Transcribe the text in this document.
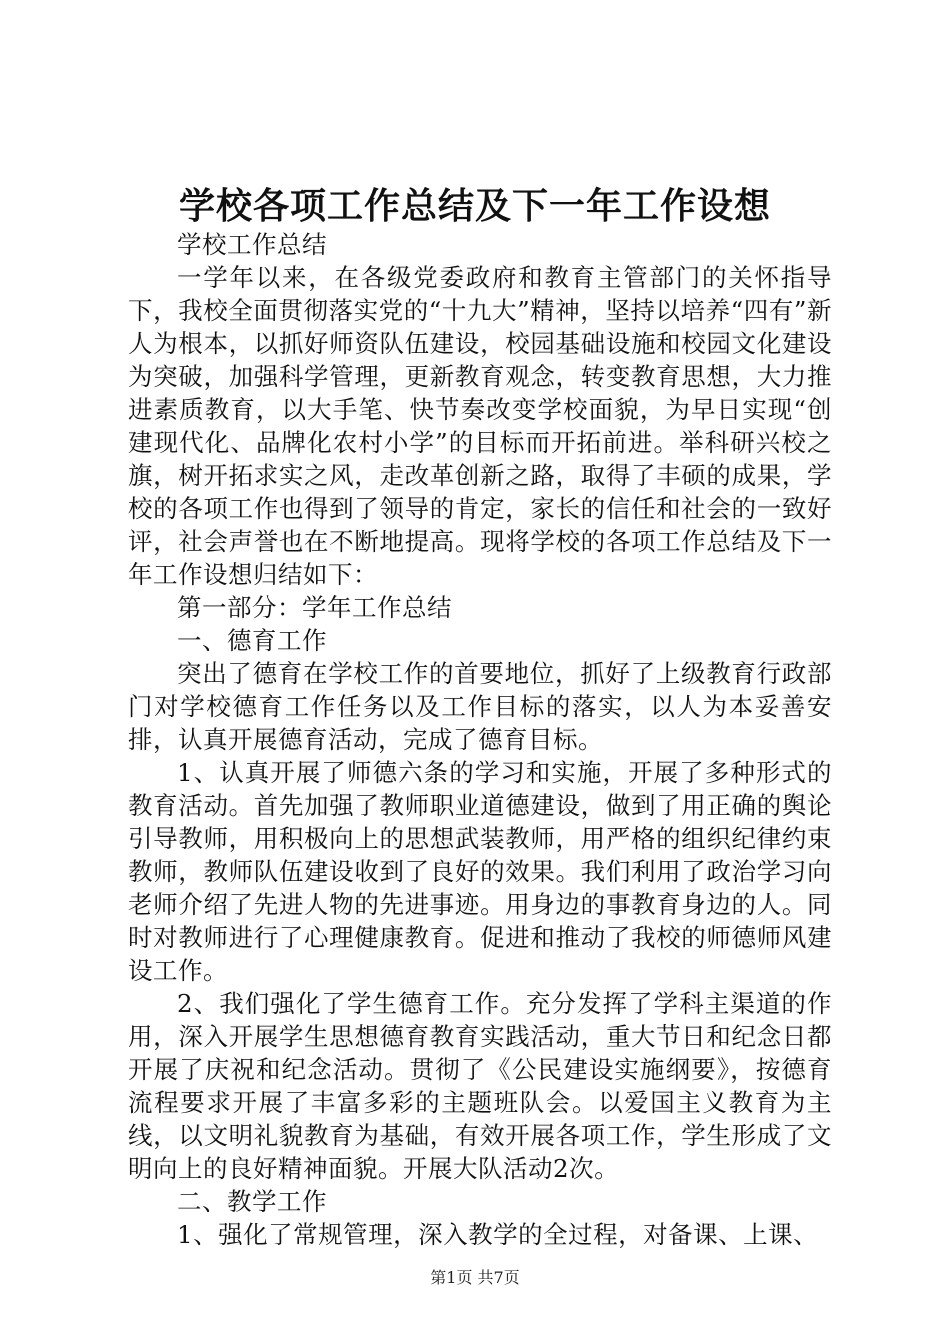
学校各项工作总结及下一年工作设想

学校工作总结

一学年以来，在各级党委政府和教育主管部门的关怀指导下，我校全面贯彻落实党的“十九大”精神，坚持以培养“四有”新人为根本，以抓好师资队伍建设，校园基础设施和校园文化建设为突破，加强科学管理，更新教育观念，转变教育思想，大力推进素质教育，以大手笔、快节奏改变学校面貌，为早日实现“创建现代化、品牌化农村小学”的目标而开拓前进。举科研兴校之旗，树开拓求实之风，走改革创新之路，取得了丰硕的成果，学校的各项工作也得到了领导的肯定，家长的信任和社会的一致好评，社会声誉也在不断地提高。现将学校的各项工作总结及下一年工作设想归结如下：

第一部分：学年工作总结

一、德育工作

突出了德育在学校工作的首要地位，抓好了上级教育行政部门对学校德育工作任务以及工作目标的落实，以人为本妥善安排，认真开展德育活动，完成了德育目标。

1、认真开展了师德六条的学习和实施，开展了多种形式的教育活动。首先加强了教师职业道德建设，做到了用正确的舆论引导教师，用积极向上的思想武装教师，用严格的组织纪律约束教师，教师队伍建设收到了良好的效果。我们利用了政治学习向老师介绍了先进人物的先进事迹。用身边的事教育身边的人。同时对教师进行了心理健康教育。促进和推动了我校的师德师风建设工作。

2、我们强化了学生德育工作。充分发挥了学科主渠道的作用，深入开展学生思想德育教育实践活动，重大节日和纪念日都开展了庆祝和纪念活动。贯彻了《公民建设实施纲要》，按德育流程要求开展了丰富多彩的主题班队会。以爱国主义教育为主线，以文明礼貌教育为基础，有效开展各项工作，学生形成了文明向上的良好精神面貌。开展大队活动2次。

二、教学工作

1、强化了常规管理，深入教学的全过程，对备课、上课、

第1页 共7页
